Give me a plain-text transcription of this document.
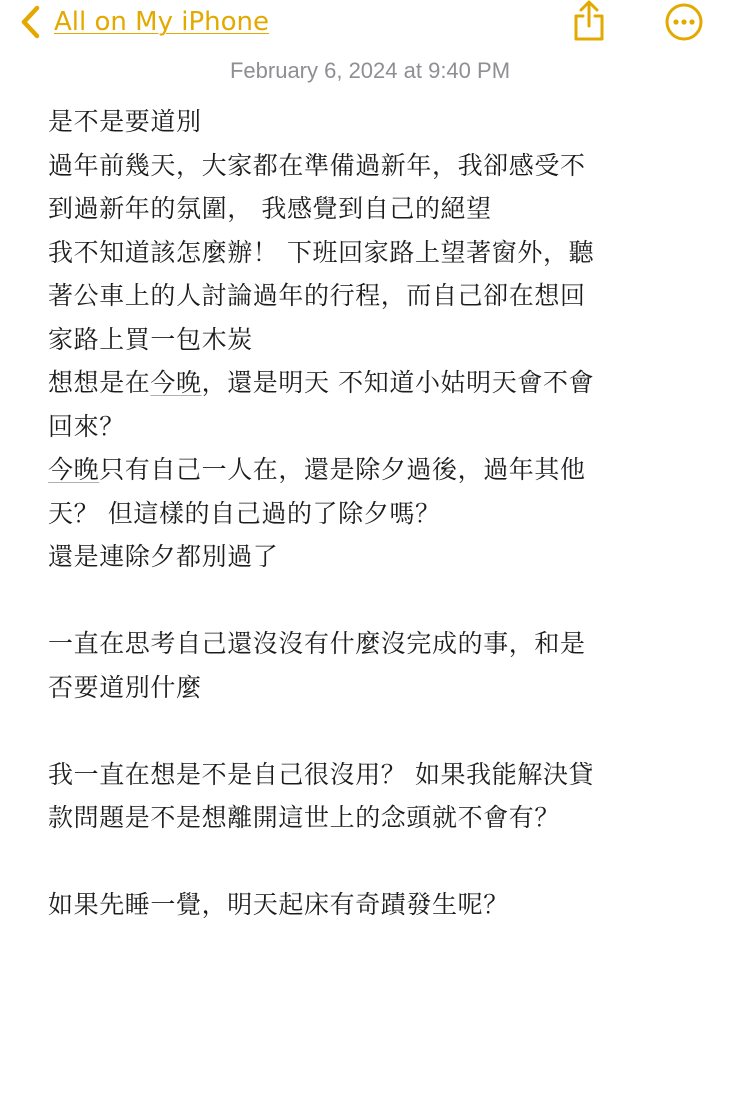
All on My iPhone
February 6, 2024 at 9:40 PM
是不是要道別
過年前幾天，大家都在準備過新年，我卻感受不
到過新年的氛圍， 我感覺到自己的絕望
我不知道該怎麼辦！ 下班回家路上望著窗外，聽
著公車上的人討論過年的行程，而自己卻在想回
家路上買一包木炭
想想是在今晚，還是明天 不知道小姑明天會不會
回來？
今晚只有自己一人在，還是除夕過後，過年其他
天？ 但這樣的自己過的了除夕嗎？
還是連除夕都別過了
一直在思考自己還沒沒有什麼沒完成的事，和是
否要道別什麼
我一直在想是不是自己很沒用？ 如果我能解決貸
款問題是不是想離開這世上的念頭就不會有？
如果先睡一覺，明天起床有奇蹟發生呢？
